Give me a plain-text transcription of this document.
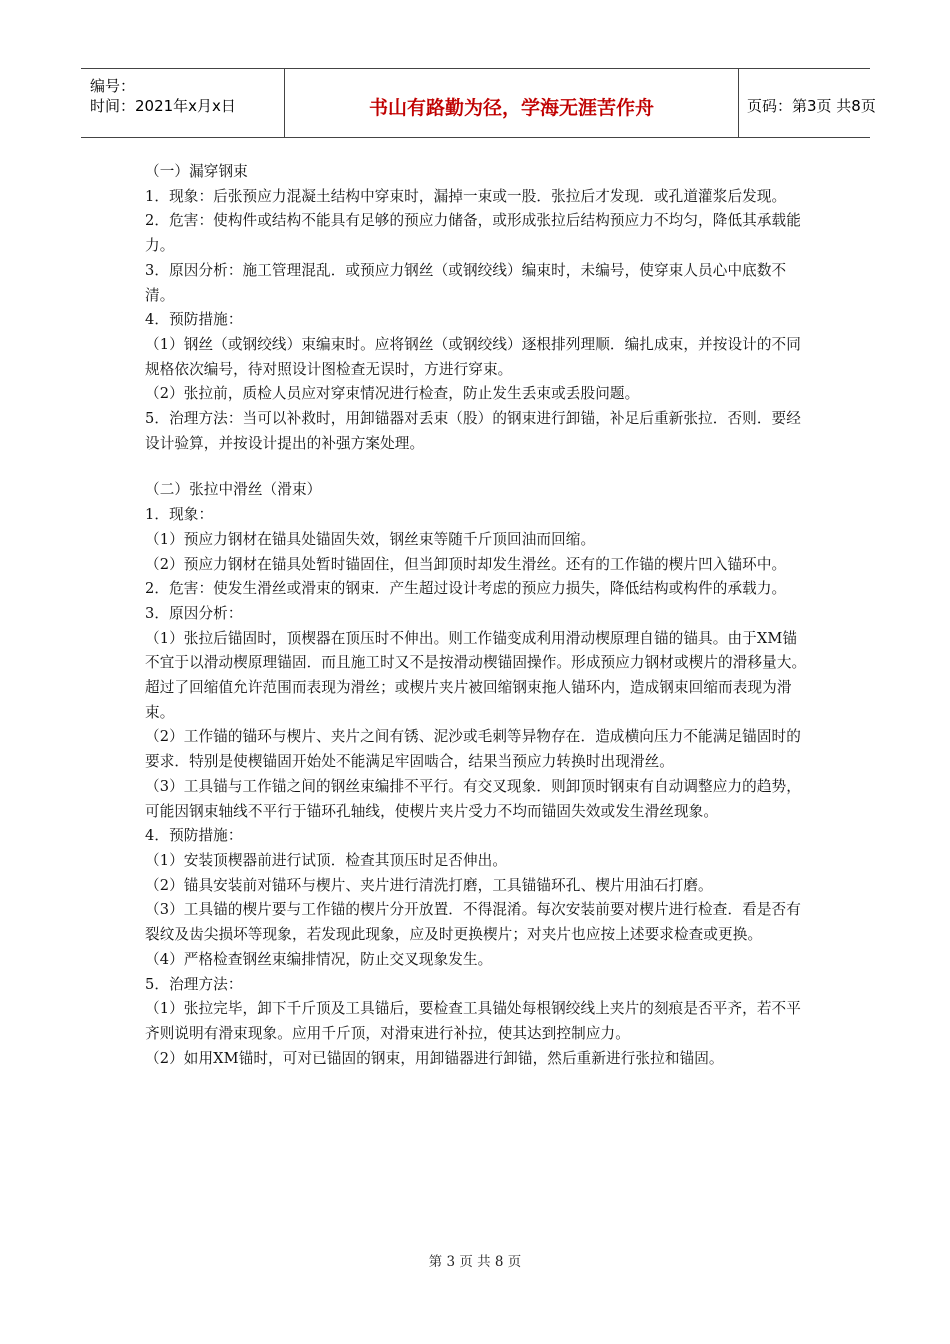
编号：
时间：2021年x月x日	书山有路勤为径，学海无涯苦作舟	页码：第3页 共8页

（一）漏穿钢束

1．现象：后张预应力混凝土结构中穿束时，漏掉一束或一股．张拉后才发现．或孔道灌浆后发现。

2．危害：使构件或结构不能具有足够的预应力储备，或形成张拉后结构预应力不均匀，降低其承载能力。

3．原因分析：施工管理混乱．或预应力钢丝（或钢绞线）编束时，未编号，使穿束人员心中底数不清。

4．预防措施：

（1）钢丝（或钢绞线）束编束时。应将钢丝（或钢绞线）逐根排列理顺．编扎成束，并按设计的不同规格依次编号，待对照设计图检查无误时，方进行穿束。

（2）张拉前，质检人员应对穿束情况进行检查，防止发生丢束或丢股问题。

5．治理方法：当可以补救时，用卸锚器对丢束（股）的钢束进行卸锚，补足后重新张拉．否则．要经设计验算，并按设计提出的补强方案处理。

（二）张拉中滑丝（滑束）

1．现象：

（1）预应力钢材在锚具处锚固失效，钢丝束等随千斤顶回油而回缩。

（2）预应力钢材在锚具处暂时锚固住，但当卸顶时却发生滑丝。还有的工作锚的楔片凹入锚环中。

2．危害：使发生滑丝或滑束的钢束．产生超过设计考虑的预应力损失，降低结构或构件的承载力。

3．原因分析：

（1）张拉后锚固时，顶楔器在顶压时不伸出。则工作锚变成利用滑动楔原理自锚的锚具。由于XM锚不宜于以滑动楔原理锚固．而且施工时又不是按滑动楔锚固操作。形成预应力钢材或楔片的滑移量大。超过了回缩值允许范围而表现为滑丝；或楔片夹片被回缩钢束拖人锚环内，造成钢束回缩而表现为滑束。

（2）工作锚的锚环与楔片、夹片之间有锈、泥沙或毛刺等异物存在．造成横向压力不能满足锚固时的要求．特别是使楔锚固开始处不能满足牢固啮合，结果当预应力转换时出现滑丝。

（3）工具锚与工作锚之间的钢丝束编排不平行。有交叉现象．则卸顶时钢束有自动调整应力的趋势，可能因钢束轴线不平行于锚环孔轴线，使楔片夹片受力不均而锚固失效或发生滑丝现象。

4．预防措施：

（1）安装顶楔器前进行试顶．检查其顶压时足否伸出。

（2）锚具安装前对锚环与楔片、夹片进行清洗打磨，工具锚锚环孔、楔片用油石打磨。

（3）工具锚的楔片要与工作锚的楔片分开放置．不得混淆。每次安装前要对楔片进行检查．看是否有裂纹及齿尖损坏等现象，若发现此现象，应及时更换楔片；对夹片也应按上述要求检查或更换。

（4）严格检查钢丝束编排情况，防止交叉现象发生。

5．治理方法：

（1）张拉完毕，卸下千斤顶及工具锚后，要检查工具锚处每根钢绞线上夹片的刻痕是否平齐，若不平齐则说明有滑束现象。应用千斤顶，对滑束进行补拉，使其达到控制应力。

（2）如用XM锚时，可对已锚固的钢束，用卸锚器进行卸锚，然后重新进行张拉和锚固。

第 3 页 共 8 页
